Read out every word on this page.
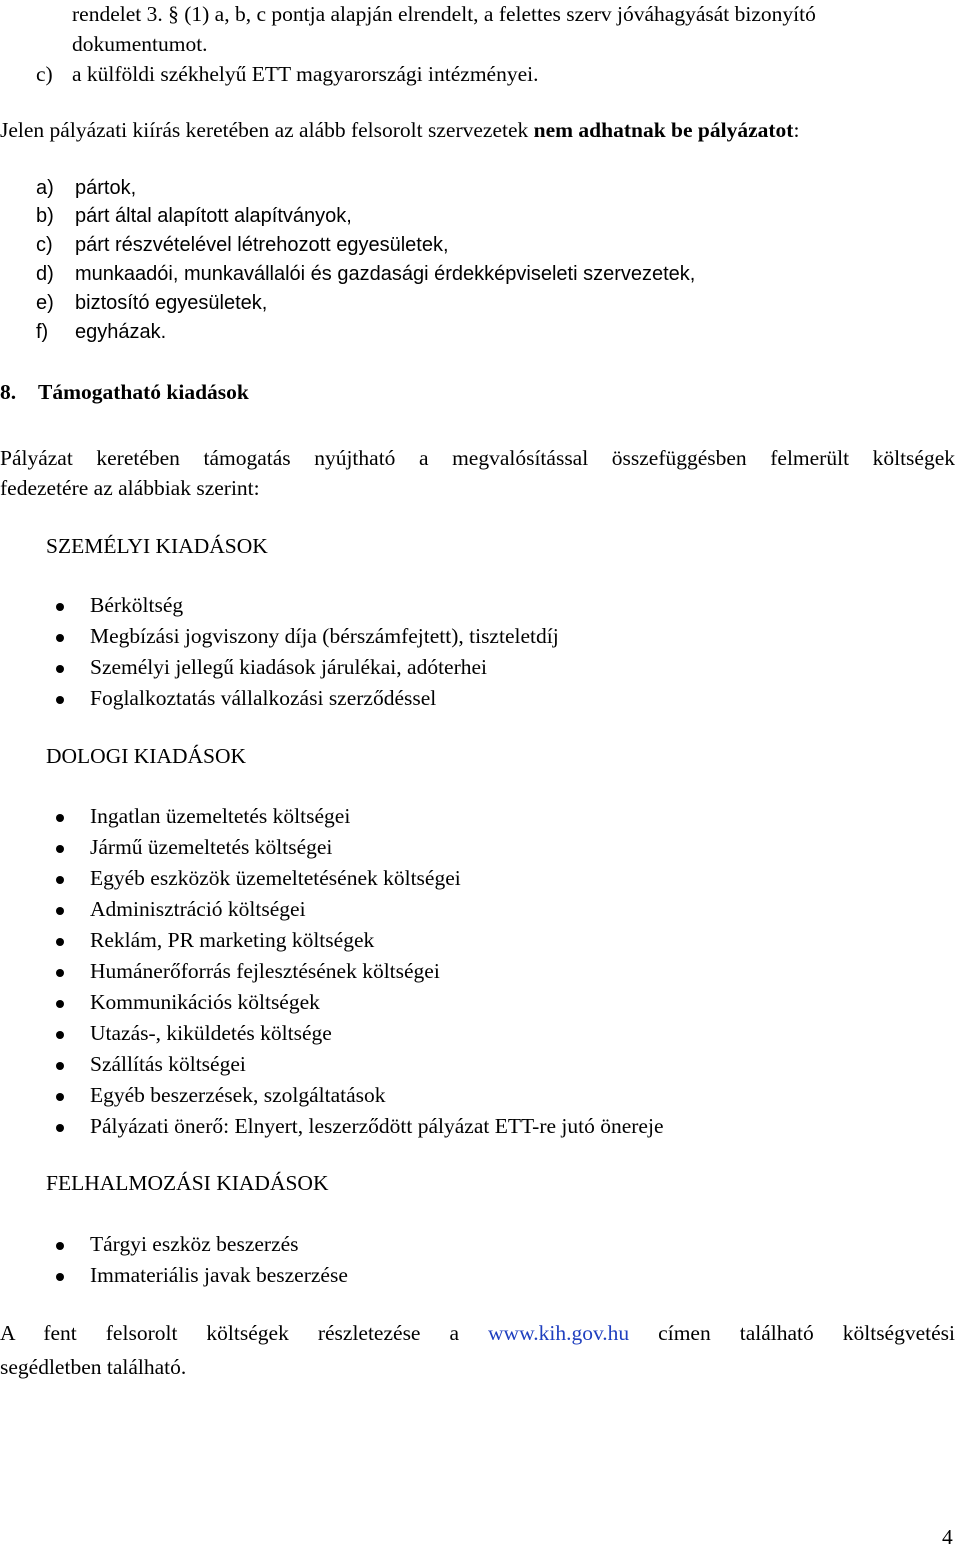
rendelet 3. § (1) a, b, c pontja alapján elrendelt, a felettes szerv jóváhagyását bizonyító
dokumentumot.
c) a külföldi székhelyű ETT magyarországi intézményei.
Jelen pályázati kiírás keretében az alább felsorolt szervezetek nem adhatnak be pályázatot:
a) pártok,
b) párt által alapított alapítványok,
c) párt részvételével létrehozott egyesületek,
d) munkaadói, munkavállalói és gazdasági érdekképviseleti szervezetek,
e) biztosító egyesületek,
f) egyházak.
8. Támogatható kiadások
Pályázat keretében támogatás nyújtható a megvalósítással összefüggésben felmerült költségek
fedezetére az alábbiak szerint:
SZEMÉLYI KIADÁSOK
Bérköltség
Megbízási jogviszony díja (bérszámfejtett), tiszteletdíj
Személyi jellegű kiadások járulékai, adóterhei
Foglalkoztatás vállalkozási szerződéssel
DOLOGI KIADÁSOK
Ingatlan üzemeltetés költségei
Jármű üzemeltetés költségei
Egyéb eszközök üzemeltetésének költségei
Adminisztráció költségei
Reklám, PR marketing költségek
Humánerőforrás fejlesztésének költségei
Kommunikációs költségek
Utazás-, kiküldetés költsége
Szállítás költségei
Egyéb beszerzések, szolgáltatások
Pályázati önerő: Elnyert, leszerződött pályázat ETT-re jutó önereje
FELHALMOZÁSI KIADÁSOK
Tárgyi eszköz beszerzés
Immateriális javak beszerzése
A fent felsorolt költségek részletezése a www.kih.gov.hu címen található költségvetési
segédletben található.
4
